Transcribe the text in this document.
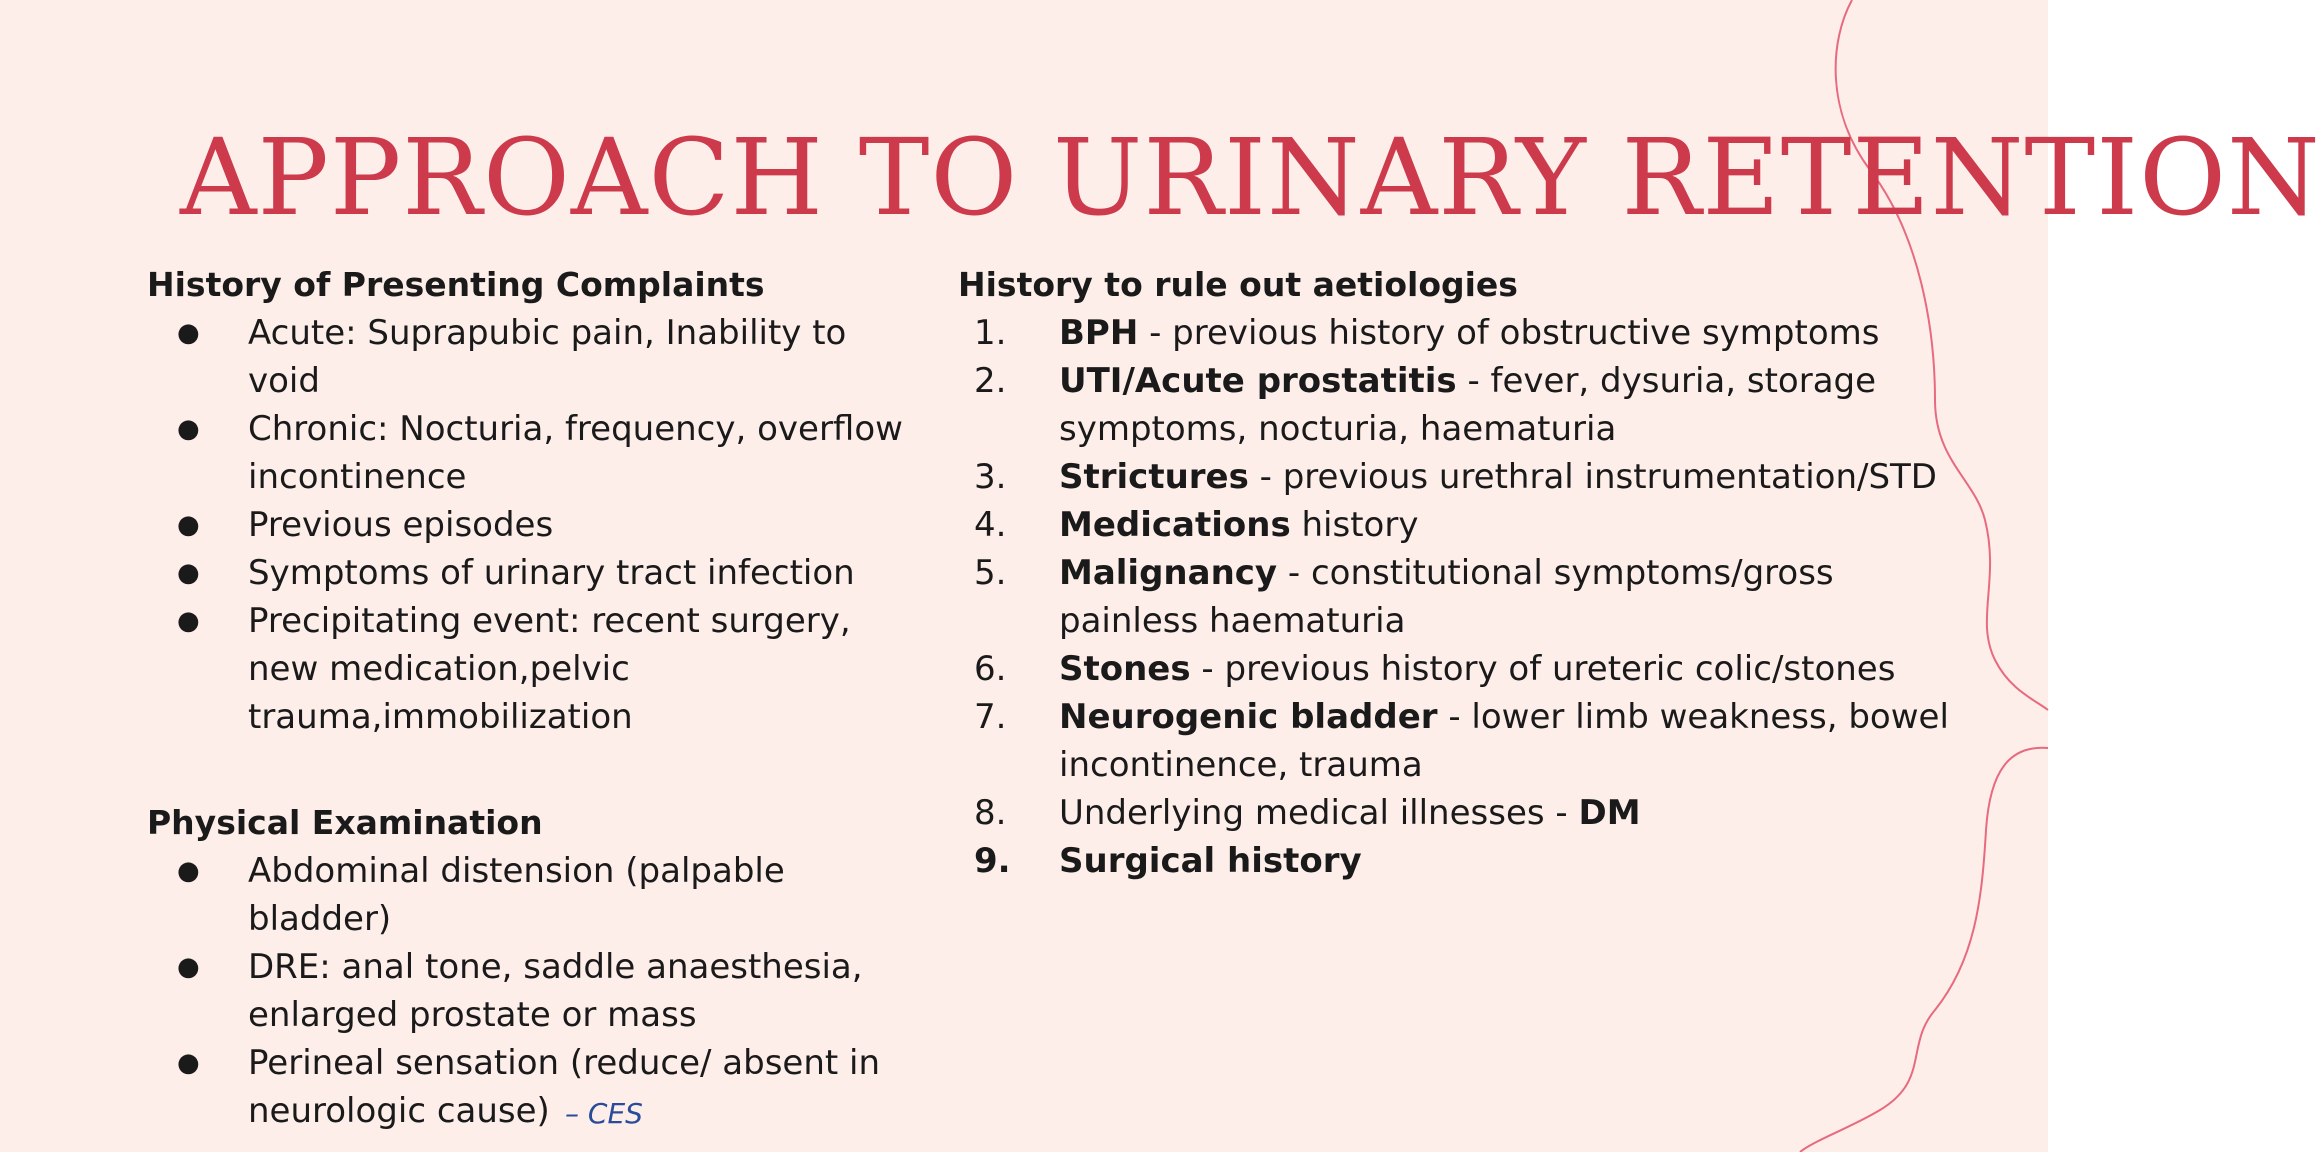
APPROACH TO URINARY RETENTION

History of Presenting Complaints

●	Acute: Suprapubic pain, Inability to void
●	Chronic: Nocturia, frequency, overflow incontinence
●	Previous episodes
●	Symptoms of urinary tract infection
●	Precipitating event: recent surgery, new medication,pelvic trauma,immobilization

Physical Examination

●	Abdominal distension (palpable bladder)
●	DRE: anal tone, saddle anaesthesia, enlarged prostate or mass
●	Perineal sensation (reduce/ absent in neurologic cause) – CES

History to rule out aetiologies

1.	BPH - previous history of obstructive symptoms
2.	UTI/Acute prostatitis - fever, dysuria, storage symptoms, nocturia, haematuria
3.	Strictures - previous urethral instrumentation/STD
4.	Medications history
5.	Malignancy - constitutional symptoms/gross painless haematuria
6.	Stones - previous history of ureteric colic/stones
7.	Neurogenic bladder - lower limb weakness, bowel incontinence, trauma
8.	Underlying medical illnesses - DM
9.	Surgical history
